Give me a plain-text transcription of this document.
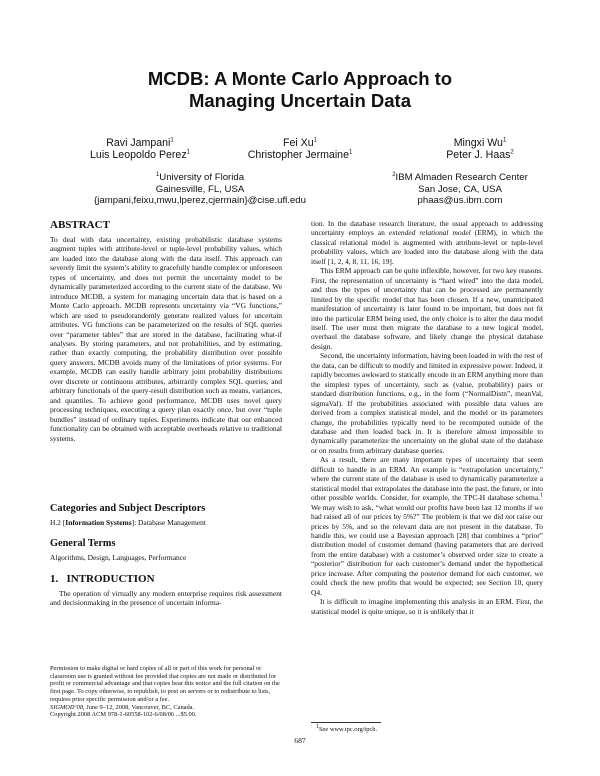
MCDB: A Monte Carlo Approach to
Managing Uncertain Data
Ravi Jampani$^1$	Fei Xu$^1$	Mingxi Wu$^1$
Luis Leopoldo Perez$^1$	Christopher Jermaine$^1$	Peter J. Haas$^2$
$^1$University of Florida
Gainesville, FL, USA
{jampani,feixu,mwu,lperez,cjermain}@cise.ufl.edu
$^2$IBM Almaden Research Center
San Jose, CA, USA
phaas@us.ibm.com
ABSTRACT

To deal with data uncertainty, existing probabilistic database systems augment tuples with attribute-level or tuple-level probability values, which are loaded into the database along with the data itself. This approach can severely limit the system’s ability to gracefully handle complex or unforeseen types of uncertainty, and does not permit the uncertainty model to be dynamically parameterized according to the current state of the database. We introduce MCDB, a system for managing uncertain data that is based on a Monte Carlo approach. MCDB represents uncertainty via “VG functions,” which are used to pseudorandomly generate realized values for uncertain attributes. VG functions can be parameterized on the results of SQL queries over “parameter tables” that are stored in the database, facilitating what-if analyses. By storing parameters, and not probabilities, and by estimating, rather than exactly computing, the probability distribution over possible query answers, MCDB avoids many of the limitations of prior systems. For example, MCDB can easily handle arbitrary joint probability distributions over discrete or continuous attributes, arbitrarily complex SQL queries, and arbitrary functionals of the query-result distribution such as means, variances, and quantiles. To achieve good performance, MCDB uses novel query processing techniques, executing a query plan exactly once, but over “tuple bundles” instead of ordinary tuples. Experiments indicate that our enhanced functionality can be obtained with acceptable overheads relative to traditional systems.

Categories and Subject Descriptors

H.2 [Information Systems]: Database Management

General Terms

Algorithms, Design, Languages, Performance

1. INTRODUCTION

The operation of virtually any modern enterprise requires risk assessment and decisionmaking in the presence of uncertain informa-

Permission to make digital or hard copies of all or part of this work for personal or classroom use is granted without fee provided that copies are not made or distributed for profit or commercial advantage and that copies bear this notice and the full citation on the first page. To copy otherwise, to republish, to post on servers or to redistribute to lists, requires prior specific permission and/or a fee.
SIGMOD’08, June 9–12, 2008, Vancouver, BC, Canada.
Copyright 2008 ACM 978-1-60558-102-6/08/06 ...$5.00.

tion. In the database research literature, the usual approach to addressing uncertainty employs an extended relational model (ERM), in which the classical relational model is augmented with attribute-level or tuple-level probability values, which are loaded into the database along with the data itself [1, 2, 4, 8, 11, 16, 19].

This ERM approach can be quite inflexible, however, for two key reasons. First, the representation of uncertainty is “hard wired” into the data model, and thus the types of uncertainty that can be processed are permanently limited by the specific model that has been chosen. If a new, unanticipated manifestation of uncertainty is later found to be important, but does not fit into the particular ERM being used, the only choice is to alter the data model itself. The user must then migrate the database to a new logical model, overhaul the database software, and likely change the physical database design.

Second, the uncertainty information, having been loaded in with the rest of the data, can be difficult to modify and limited in expressive power. Indeed, it rapidly becomes awkward to statically encode in an ERM anything more than the simplest types of uncertainty, such as (value, probability) pairs or standard distribution functions, e.g., in the form (“NormalDistn”, meanVal, sigmaVal). If the probabilities associated with possible data values are derived from a complex statistical model, and the model or its parameters change, the probabilities typically need to be recomputed outside of the database and then loaded back in. It is therefore almost impossible to dynamically parameterize the uncertainty on the global state of the database or on results from arbitrary database queries.

As a result, there are many important types of uncertainty that seem difficult to handle in an ERM. An example is “extrapolation uncertainty,” where the current state of the database is used to dynamically parameterize a statistical model that extrapolates the database into the past, the future, or into other possible worlds. Consider, for example, the TPC-H database schema.$^1$ We may wish to ask, “what would our profits have been last 12 months if we had raised all of our prices by 5%?” The problem is that we did not raise our prices by 5%, and so the relevant data are not present in the database. To handle this, we could use a Bayesian approach [28] that combines a “prior” distribution model of customer demand (having parameters that are derived from the entire database) with a customer’s observed order size to create a “posterior” distribution for each customer’s demand under the hypothetical price increase. After computing the posterior demand for each customer, we could check the new profits that would be expected; see Section 10, query Q4.

It is difficult to imagine implementing this analysis in an ERM. First, the statistical model is quite unique, so it is unlikely that it

$^1$See www.tpc.org/tpch.

687
